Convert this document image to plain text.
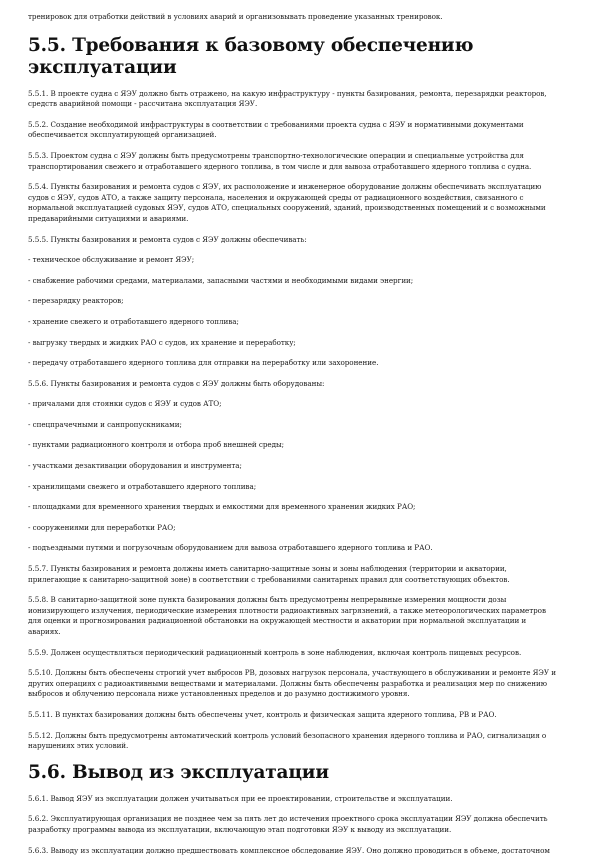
тренировок для отработки действий в условиях аварий и организовывать проведение указанных тренировок.

5.5. Требования к базовому обеспечению эксплуатации

5.5.1. В проекте судна с ЯЭУ должно быть отражено, на какую инфраструктуру - пункты базирования, ремонта, перезарядки реакторов, средств аварийной помощи - рассчитана эксплуатация ЯЭУ.

5.5.2. Создание необходимой инфраструктуры в соответствии с требованиями проекта судна с ЯЭУ и нормативными документами обеспечивается эксплуатирующей организацией.

5.5.3. Проектом судна с ЯЭУ должны быть предусмотрены транспортно-технологические операции и специальные устройства для транспортирования свежего и отработавшего ядерного топлива, в том числе и для вывоза отработавшего ядерного топлива с судна.

5.5.4. Пункты базирования и ремонта судов с ЯЭУ, их расположение и инженерное оборудование должны обеспечивать эксплуатацию судов с ЯЭУ, судов АТО, а также защиту персонала, населения и окружающей среды от радиационного воздействия, связанного с нормальной эксплуатацией судовых ЯЭУ, судов АТО, специальных сооружений, зданий, производственных помещений и с возможными предаварийными ситуациями и авариями.

5.5.5. Пункты базирования и ремонта судов с ЯЭУ должны обеспечивать:

- техническое обслуживание и ремонт ЯЭУ;

- снабжение рабочими средами, материалами, запасными частями и необходимыми видами энергии;

- перезарядку реакторов;

- хранение свежего и отработавшего ядерного топлива;

- выгрузку твердых и жидких РАО с судов, их хранение и переработку;

- передачу отработавшего ядерного топлива для отправки на переработку или захоронение.

5.5.6. Пункты базирования и ремонта судов с ЯЭУ должны быть оборудованы:

- причалами для стоянки судов с ЯЭУ и судов АТО;

- спецпрачечными и санпропускниками;

- пунктами радиационного контроля и отбора проб внешней среды;

- участками дезактивации оборудования и инструмента;

- хранилищами свежего и отработавшего ядерного топлива;

- площадками для временного хранения твердых и емкостями для временного хранения жидких РАО;

- сооружениями для переработки РАО;

- подъездными путями и погрузочным оборудованием для вывоза отработавшего ядерного топлива и РАО.

5.5.7. Пункты базирования и ремонта должны иметь санитарно-защитные зоны и зоны наблюдения (территории и акватории, прилегающие к санитарно-защитной зоне) в соответствии с требованиями санитарных правил для соответствующих объектов.

5.5.8. В санитарно-защитной зоне пункта базирования должны быть предусмотрены непрерывные измерения мощности дозы ионизирующего излучения, периодические измерения плотности радиоактивных загрязнений, а также метеорологических параметров для оценки и прогнозирования радиационной обстановки на окружающей местности и акватории при нормальной эксплуатации и авариях.

5.5.9. Должен осуществляться периодический радиационный контроль в зоне наблюдения, включая контроль пищевых ресурсов.

5.5.10. Должны быть обеспечены строгий учет выбросов РВ, дозовых нагрузок персонала, участвующего в обслуживании и ремонте ЯЭУ и других операциях с радиоактивными веществами и материалами. Должны быть обеспечены разработка и реализация мер по снижению выбросов и облучению персонала ниже установленных пределов и до разумно достижимого уровня.

5.5.11. В пунктах базирования должны быть обеспечены учет, контроль и физическая защита ядерного топлива, РВ и РАО.

5.5.12. Должны быть предусмотрены автоматический контроль условий безопасного хранения ядерного топлива и РАО, сигнализация о нарушениях этих условий.

5.6. Вывод из эксплуатации

5.6.1. Вывод ЯЭУ из эксплуатации должен учитываться при ее проектировании, строительстве и эксплуатации.

5.6.2. Эксплуатирующая организация не позднее чем за пять лет до истечения проектного срока эксплуатации ЯЭУ должна обеспечить разработку программы вывода из эксплуатации, включающую этап подготовки ЯЭУ к выводу из эксплуатации.

5.6.3. Выводу из эксплуатации должно предшествовать комплексное обследование ЯЭУ. Оно должно проводиться в объеме, достаточном
